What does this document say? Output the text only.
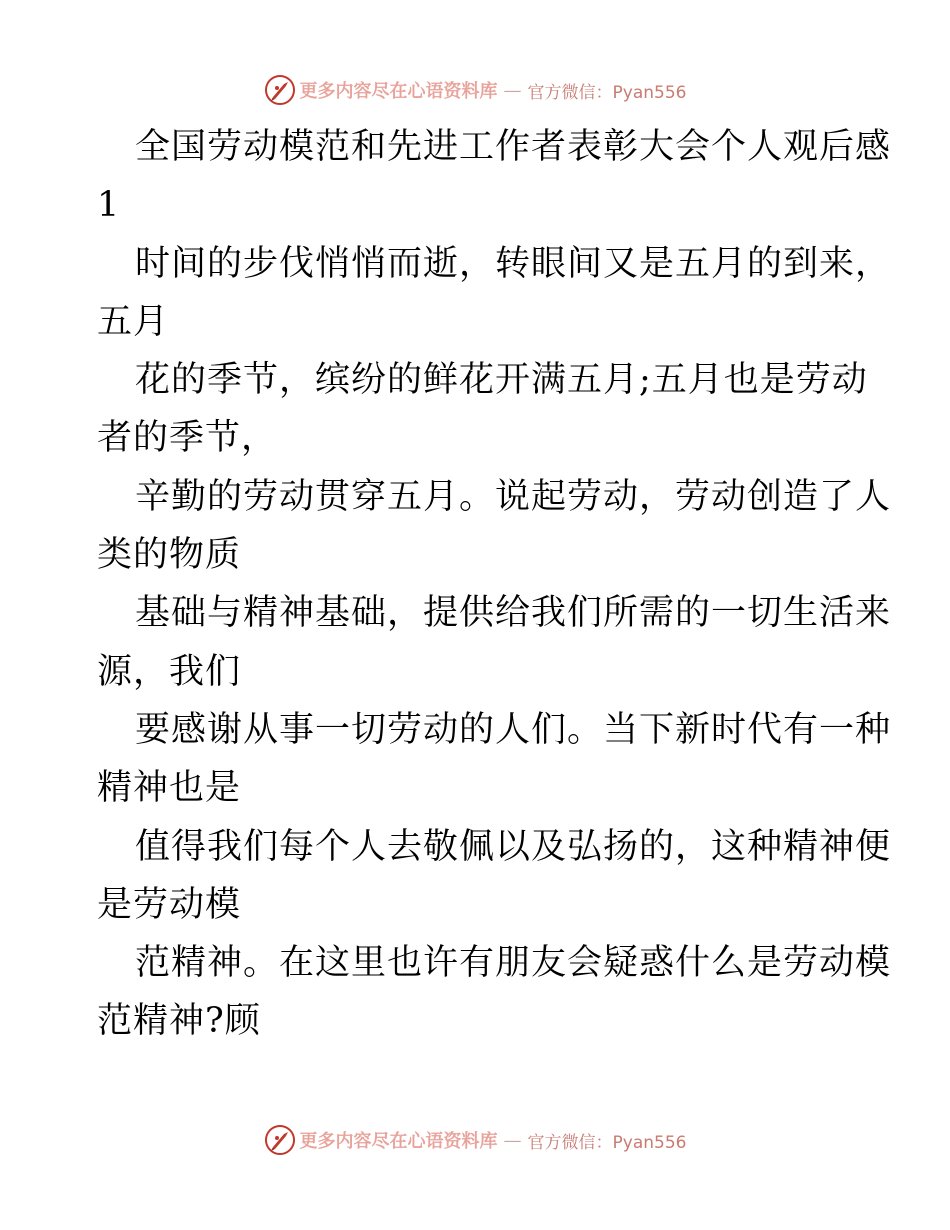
更多内容尽在心语资料库 — 官方微信：Pyan556
全国劳动模范和先进工作者表彰大会个人观后感
1
时间的步伐悄悄而逝，转眼间又是五月的到来，
五月
花的季节，缤纷的鲜花开满五月;五月也是劳动
者的季节，
辛勤的劳动贯穿五月。说起劳动，劳动创造了人
类的物质
基础与精神基础，提供给我们所需的一切生活来
源，我们
要感谢从事一切劳动的人们。当下新时代有一种
精神也是
值得我们每个人去敬佩以及弘扬的，这种精神便
是劳动模
范精神。在这里也许有朋友会疑惑什么是劳动模
范精神?顾
更多内容尽在心语资料库 — 官方微信：Pyan556
